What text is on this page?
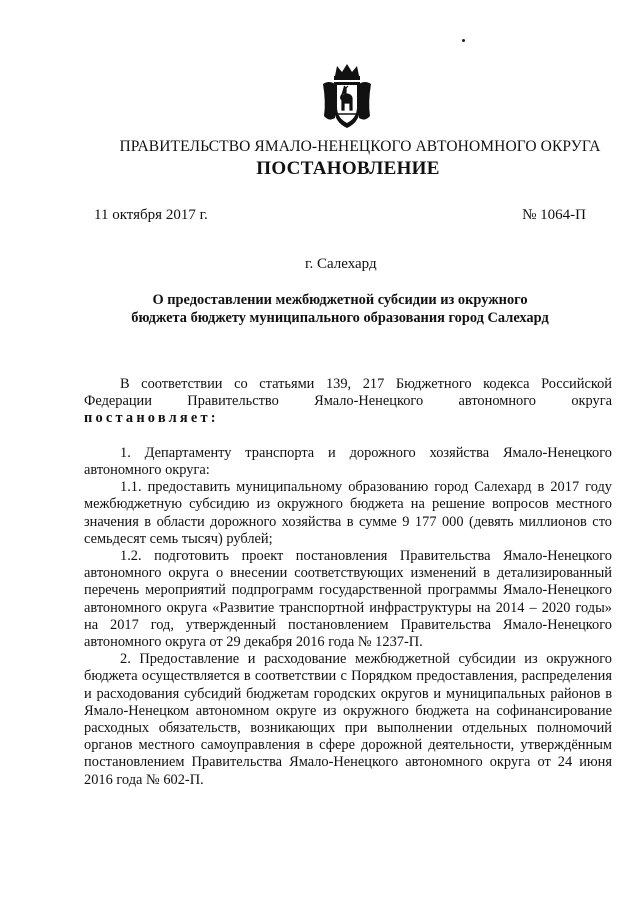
ПРАВИТЕЛЬСТВО ЯМАЛО-НЕНЕЦКОГО АВТОНОМНОГО ОКРУГА
ПОСТАНОВЛЕНИЕ
11 октября 2017 г.	№ 1064-П
г. Салехард
О предоставлении межбюджетной субсидии из окружного бюджета бюджету муниципального образования город Салехард

В соответствии со статьями 139, 217 Бюджетного кодекса Российской Федерации Правительство Ямало-Ненецкого автономного округа постановляет:

1. Департаменту транспорта и дорожного хозяйства Ямало-Ненецкого автономного округа:

1.1. предоставить муниципальному образованию город Салехард в 2017 году межбюджетную субсидию из окружного бюджета на решение вопросов местного значения в области дорожного хозяйства в сумме 9 177 000 (девять миллионов сто семьдесят семь тысяч) рублей;

1.2. подготовить проект постановления Правительства Ямало-Ненецкого автономного округа о внесении соответствующих изменений в детализированный перечень мероприятий подпрограмм государственной программы Ямало-Ненецкого автономного округа «Развитие транспортной инфраструктуры на 2014 – 2020 годы» на 2017 год, утвержденный постановлением Правительства Ямало-Ненецкого автономного округа от 29 декабря 2016 года № 1237-П.

2. Предоставление и расходование межбюджетной субсидии из окружного бюджета осуществляется в соответствии с Порядком предоставления, распределения и расходования субсидий бюджетам городских округов и муниципальных районов в Ямало-Ненецком автономном округе из окружного бюджета на софинансирование расходных обязательств, возникающих при выполнении отдельных полномочий органов местного самоуправления в сфере дорожной деятельности, утверждённым постановлением Правительства Ямало-Ненецкого автономного округа от 24 июня 2016 года № 602-П.
